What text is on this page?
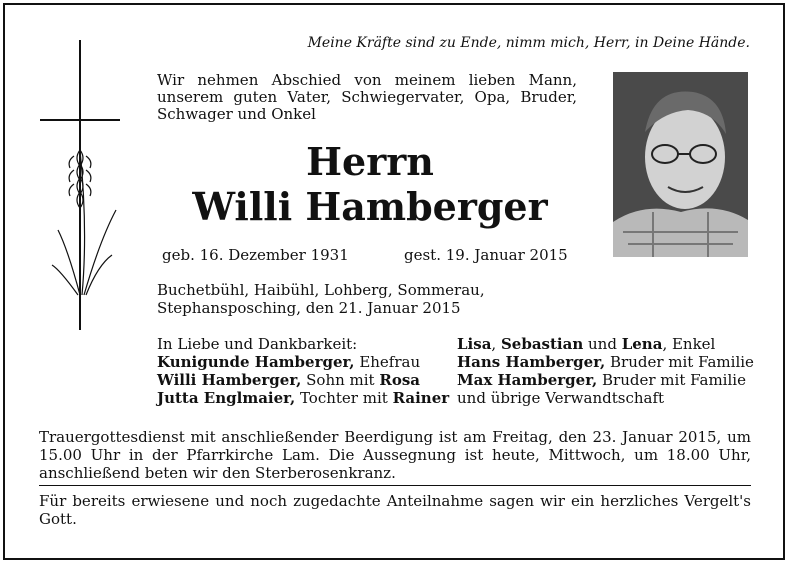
Meine Kräfte sind zu Ende, nimm mich, Herr, in Deine Hände.
Wir nehmen Abschied von meinem lieben Mann, unserem guten Vater, Schwiegervater, Opa, Bruder, Schwager und Onkel
Herrn
Willi Hamberger
geb. 16. Dezember 1931	gest. 19. Januar 2015
Buchetbühl, Haibühl, Lohberg, Sommerau,
Stephansposching, den 21. Januar 2015
In Liebe und Dankbarkeit:
Kunigunde Hamberger, Ehefrau
Willi Hamberger, Sohn mit Rosa
Jutta Englmaier, Tochter mit Rainer
Lisa, Sebastian und Lena, Enkel
Hans Hamberger, Bruder mit Familie
Max Hamberger, Bruder mit Familie
und übrige Verwandtschaft
Trauergottesdienst mit anschließender Beerdigung ist am Freitag, den 23. Januar 2015, um 15.00 Uhr in der Pfarrkirche Lam. Die Aussegnung ist heute, Mittwoch, um 18.00 Uhr, anschließend beten wir den Sterberosenkranz.
Für bereits erwiesene und noch zugedachte Anteilnahme sagen wir ein herzliches Vergelt's Gott.
